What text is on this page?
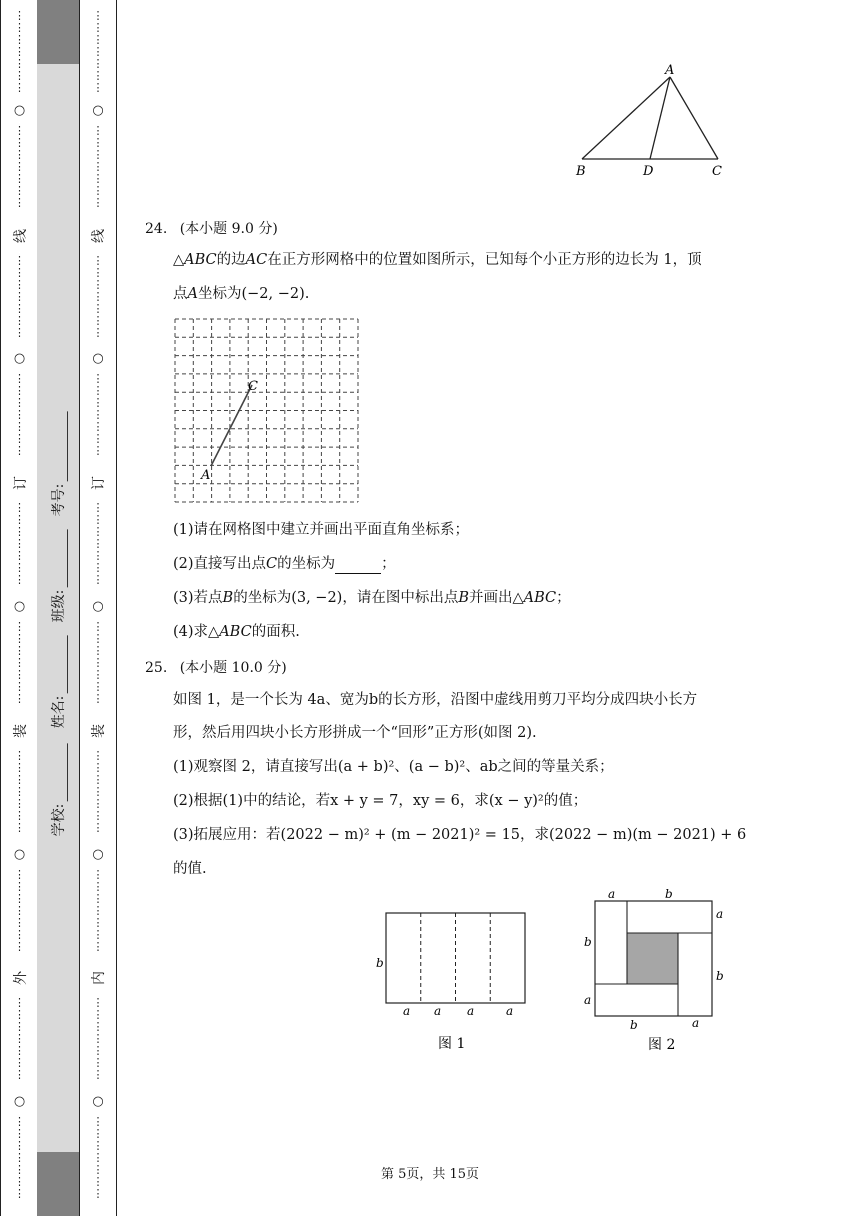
⋮
⋮
⋮
⋮
⋮
⋮
⋮
○
⋮
⋮
⋮
⋮
⋮
⋮
⋮
线
⋮
⋮
⋮
⋮
⋮
⋮
⋮
○
⋮
⋮
⋮
⋮
⋮
⋮
⋮
订
⋮
⋮
⋮
⋮
⋮
⋮
⋮
○
⋮
⋮
⋮
⋮
⋮
⋮
⋮
装
⋮
⋮
⋮
⋮
⋮
⋮
⋮
○
⋮
⋮
⋮
⋮
⋮
⋮
⋮
外
⋮
⋮
⋮
⋮
⋮
⋮
⋮
○
⋮
⋮
⋮
⋮
⋮
⋮
⋮
学校:
姓名:
班级:
考号:
⋮
⋮
⋮
⋮
⋮
⋮
⋮
○
⋮
⋮
⋮
⋮
⋮
⋮
⋮
线
⋮
⋮
⋮
⋮
⋮
⋮
⋮
○
⋮
⋮
⋮
⋮
⋮
⋮
⋮
订
⋮
⋮
⋮
⋮
⋮
⋮
⋮
○
⋮
⋮
⋮
⋮
⋮
⋮
⋮
装
⋮
⋮
⋮
⋮
⋮
⋮
⋮
○
⋮
⋮
⋮
⋮
⋮
⋮
⋮
内
⋮
⋮
⋮
⋮
⋮
⋮
⋮
○
⋮
⋮
⋮
⋮
⋮
⋮
⋮
A
B	D	C
24. (本小题 9.0 分)
△ABC的边AC在正方形网格中的位置如图所示，已知每个小正方形的边长为 1，顶
点A坐标为(−2, −2).
C
A
(1)请在网格图中建立并画出平面直角坐标系；
(2)直接写出点C的坐标为	；
(3)若点B的坐标为(3, −2)，请在图中标出点B并画出△ABC；
(4)求△ABC的面积.
25. (本小题 10.0 分)
如图 1，是一个长为 4a、宽为b的长方形，沿图中虚线用剪刀平均分成四块小长方
形，然后用四块小长方形拼成一个“回形”正方形(如图 2).
(1)观察图 2，请直接写出(a + b)²、(a − b)²、ab之间的等量关系；
(2)根据(1)中的结论，若x + y = 7，xy = 6，求(x − y)²的值；
(3)拓展应用：若(2022 − m)² + (m − 2021)² = 15，求(2022 − m)(m − 2021) + 6
的值.
b
a a a	a
图 1
a	b
a
b
b
a
b	a
图 2
第 5页，共 15页
